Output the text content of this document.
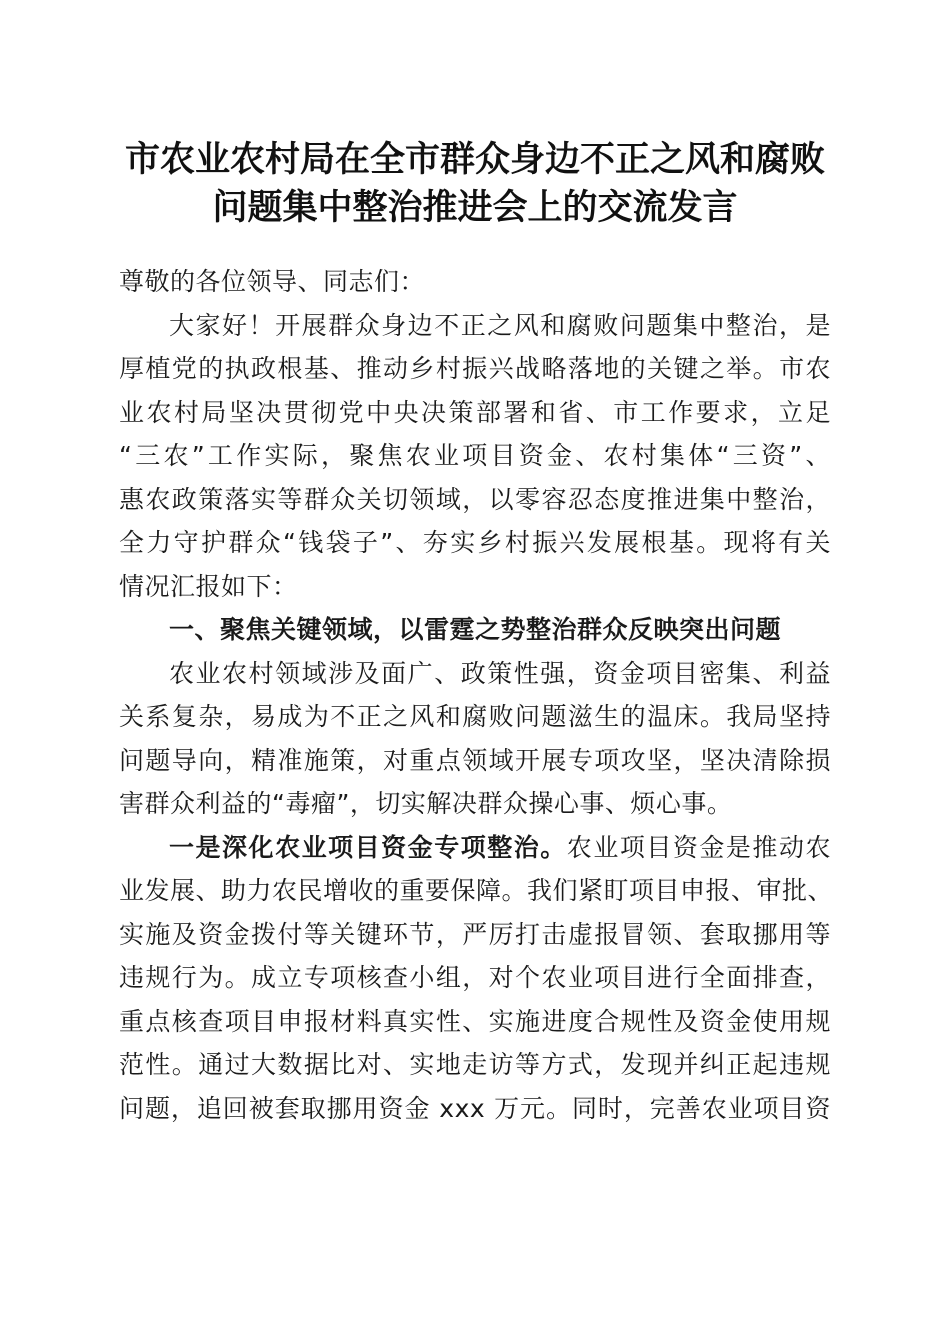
市农业农村局在全市群众身边不正之风和腐败
问题集中整治推进会上的交流发言
尊敬的各位领导、同志们：
大家好！开展群众身边不正之风和腐败问题集中整治，是
厚植党的执政根基、推动乡村振兴战略落地的关键之举。市农
业农村局坚决贯彻党中央决策部署和省、市工作要求，立足
“三农”工作实际，聚焦农业项目资金、农村集体“三资”、
惠农政策落实等群众关切领域，以零容忍态度推进集中整治，
全力守护群众“钱袋子”、夯实乡村振兴发展根基。现将有关
情况汇报如下：
一、聚焦关键领域，以雷霆之势整治群众反映突出问题
农业农村领域涉及面广、政策性强，资金项目密集、利益
关系复杂，易成为不正之风和腐败问题滋生的温床。我局坚持
问题导向，精准施策，对重点领域开展专项攻坚，坚决清除损
害群众利益的“毒瘤”，切实解决群众操心事、烦心事。
一是深化农业项目资金专项整治。农业项目资金是推动农
业发展、助力农民增收的重要保障。我们紧盯项目申报、审批、
实施及资金拨付等关键环节，严厉打击虚报冒领、套取挪用等
违规行为。成立专项核查小组，对个农业项目进行全面排查，
重点核查项目申报材料真实性、实施进度合规性及资金使用规
范性。通过大数据比对、实地走访等方式，发现并纠正起违规
问题，追回被套取挪用资金 xxx 万元。同时，完善农业项目资
